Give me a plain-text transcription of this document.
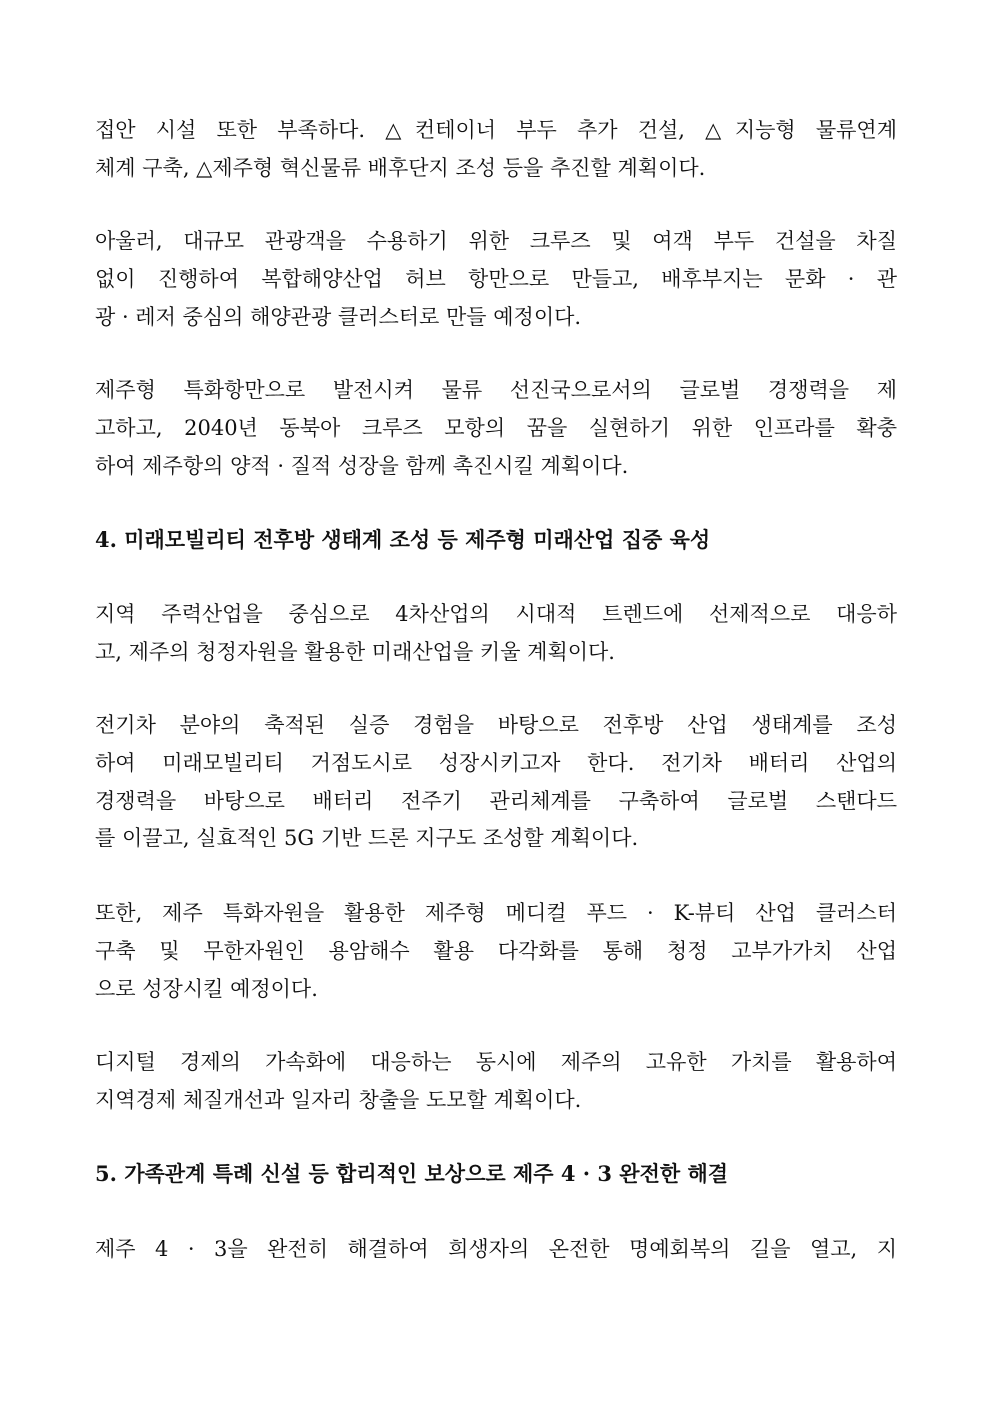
접안 시설 또한 부족하다. △컨테이너 부두 추가 건설, △지능형 물류연계
체계 구축, △제주형 혁신물류 배후단지 조성 등을 추진할 계획이다.
아울러, 대규모 관광객을 수용하기 위한 크루즈 및 여객 부두 건설을 차질
없이 진행하여 복합해양산업 허브 항만으로 만들고, 배후부지는 문화 · 관
광 · 레저 중심의 해양관광 클러스터로 만들 예정이다.
제주형 특화항만으로 발전시켜 물류 선진국으로서의 글로벌 경쟁력을 제
고하고, 2040년 동북아 크루즈 모항의 꿈을 실현하기 위한 인프라를 확충
하여 제주항의 양적 · 질적 성장을 함께 촉진시킬 계획이다.
4. 미래모빌리티 전후방 생태계 조성 등 제주형 미래산업 집중 육성
지역 주력산업을 중심으로 4차산업의 시대적 트렌드에 선제적으로 대응하
고, 제주의 청정자원을 활용한 미래산업을 키울 계획이다.
전기차 분야의 축적된 실증 경험을 바탕으로 전후방 산업 생태계를 조성
하여 미래모빌리티 거점도시로 성장시키고자 한다. 전기차 배터리 산업의
경쟁력을 바탕으로 배터리 전주기 관리체계를 구축하여 글로벌 스탠다드
를 이끌고, 실효적인 5G 기반 드론 지구도 조성할 계획이다.
또한, 제주 특화자원을 활용한 제주형 메디컬 푸드 · K-뷰티 산업 클러스터
구축 및 무한자원인 용암해수 활용 다각화를 통해 청정 고부가가치 산업
으로 성장시킬 예정이다.
디지털 경제의 가속화에 대응하는 동시에 제주의 고유한 가치를 활용하여
지역경제 체질개선과 일자리 창출을 도모할 계획이다.
5. 가족관계 특례 신설 등 합리적인 보상으로 제주 4 · 3 완전한 해결
제주 4 · 3을 완전히 해결하여 희생자의 온전한 명예회복의 길을 열고, 지
